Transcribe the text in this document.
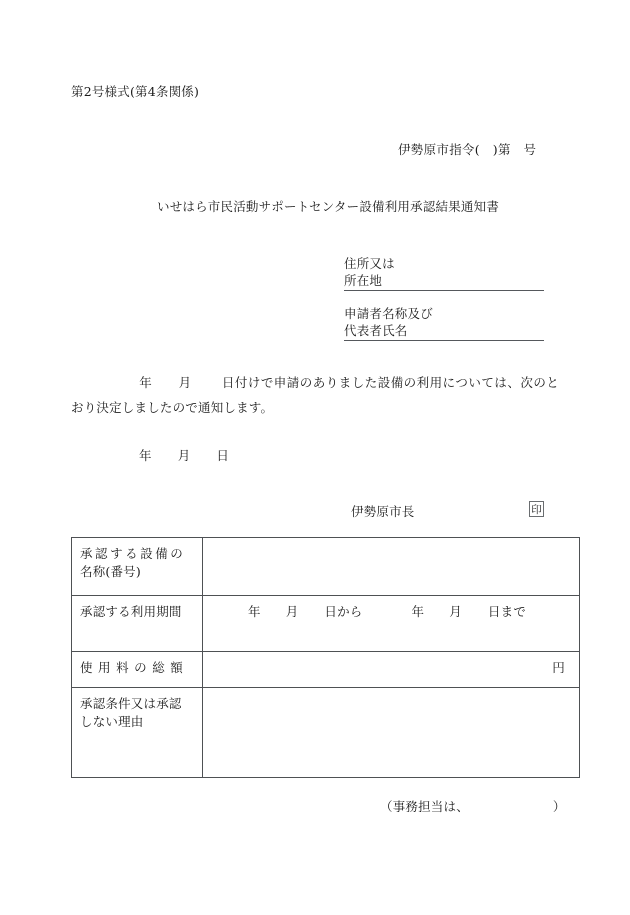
第2号様式(第4条関係)
伊勢原市指令(　)第　号
いせはら市民活動サポートセンター設備利用承認結果通知書
住所又は
所在地
申請者名称及び
代表者氏名
年 月 日付けで申請のありました設備の利用については、次のとおり決定しましたので通知します。
年 月 日
伊勢原市長	印
承認する設備の
名称(番号)	
承認する利用期間	年 月 日から 年 月 日まで

使用料の総額	円

承認条件又は承認
しない理由	
（事務担当は、	）
